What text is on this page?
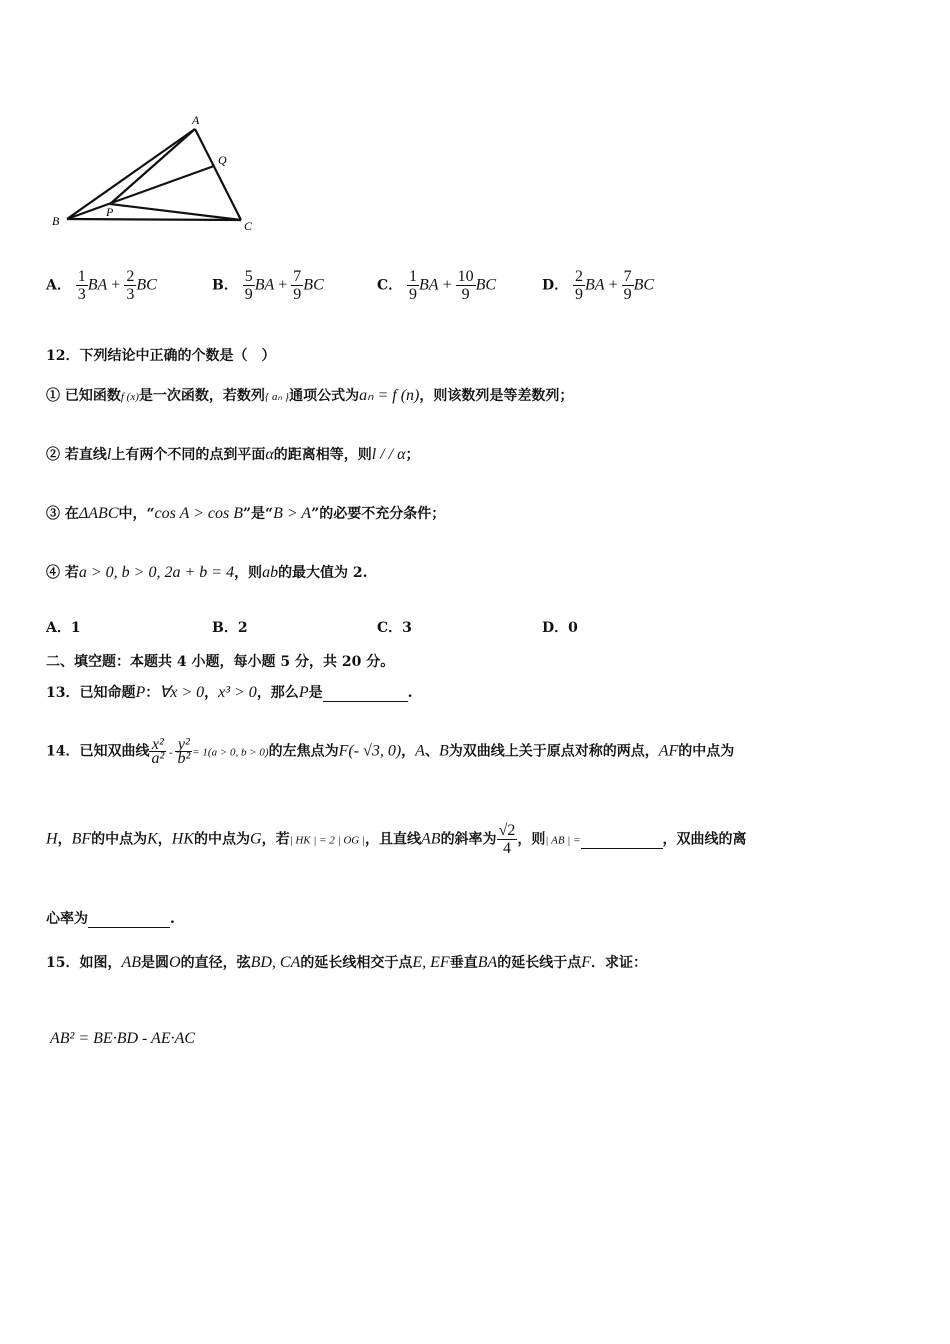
A
Q
B
P
C
A． $\frac{1}{3}$ BA + $\frac{2}{3}$ BC	B． $\frac{5}{9}$ BA + $\frac{7}{9}$ BC	C． $\frac{1}{9}$ BA + $\frac{10}{9}$ BC	D． $\frac{2}{9}$ BA + $\frac{7}{9}$ BC
12．下列结论中正确的个数是（　）
① 已知函数f (x)是一次函数，若数列{ aₙ }通项公式为aₙ = f (n)，则该数列是等差数列；
② 若直线l上有两个不同的点到平面α的距离相等，则l / / α；
③ 在ΔABC中，“cos A > cos B”是“B > A”的必要不充分条件；
④ 若a > 0, b > 0, 2a + b = 4，则ab的最大值为 2.
A．1	B．2	C．3	D．0
二、填空题：本题共 4 小题，每小题 5 分，共 20 分。
13．已知命题P：∀x > 0，x³ > 0，那么P是	.
14．已知双曲线 $\frac{\text{x²}}{\text{a²}} - \frac{\text{y²}}{\text{b²}} = 1(a > 0$, b > 0)的左焦点为F(- √3, 0)，A、B为双曲线上关于原点对称的两点，AF的中点为
H，BF的中点为K，HK的中点为G，若| HK | = 2 | OG |，且直线AB的斜率为 $\frac{√2}{4}$ ，则| AB | =	，双曲线的离
心率为	.
15．如图，AB是圆O的直径，弦BD, CA的延长线相交于点E, EF垂直BA的延长线于点F．求证：
AB² = BE·BD - AE·AC
